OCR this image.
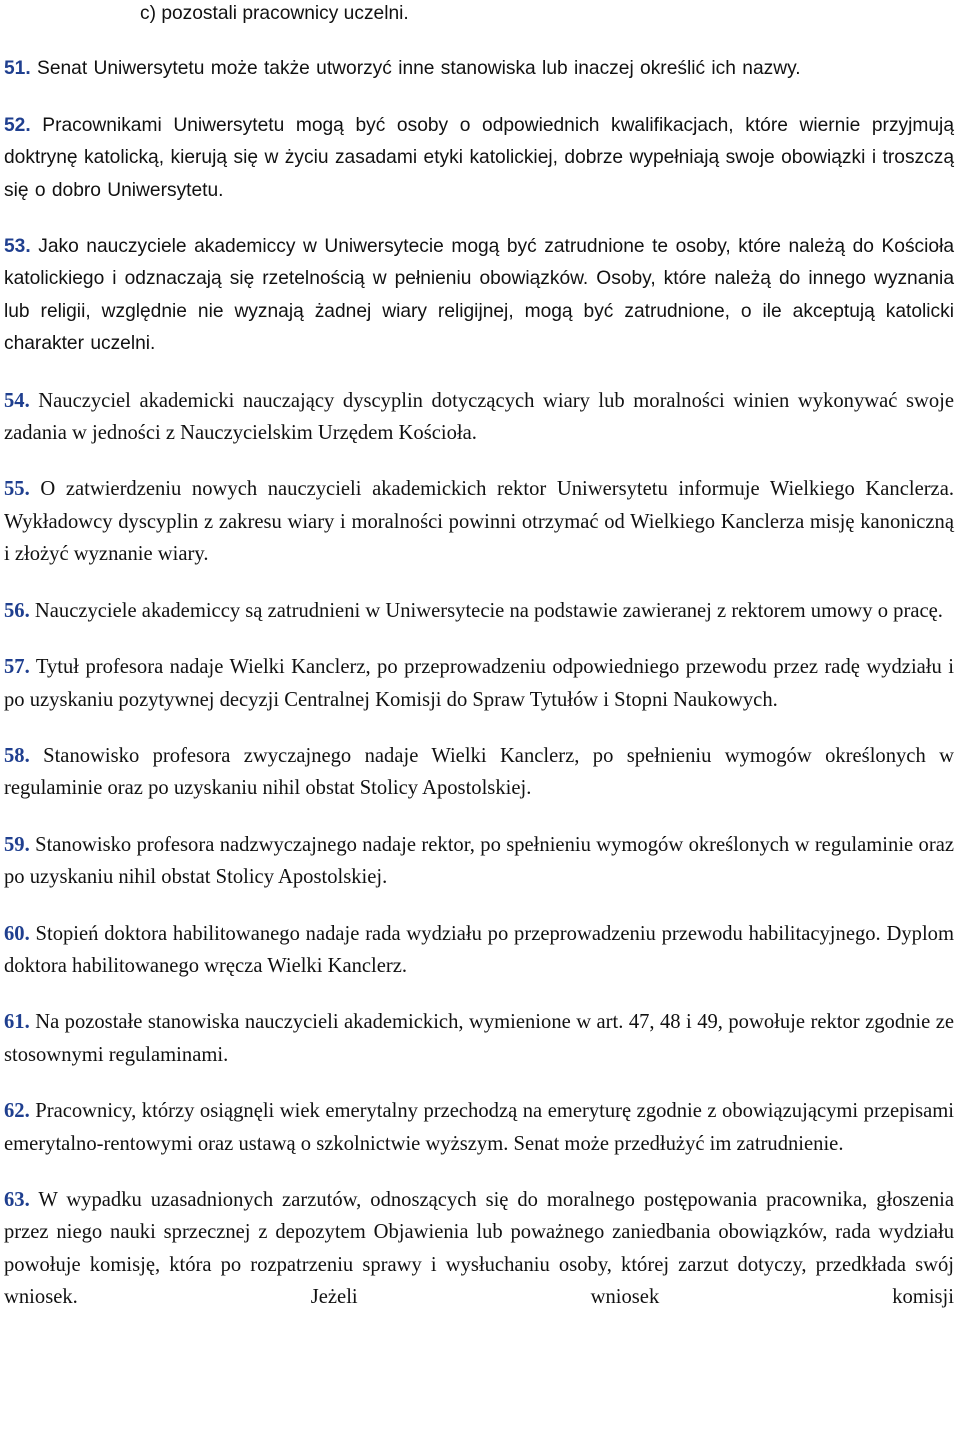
c) pozostali pracownicy uczelni.

51. Senat Uniwersytetu może także utworzyć inne stanowiska lub inaczej określić ich nazwy.

52. Pracownikami Uniwersytetu mogą być osoby o odpowiednich kwalifikacjach, które wiernie przyjmują doktrynę katolicką, kierują się w życiu zasadami etyki katolickiej, dobrze wypełniają swoje obowiązki i troszczą się o dobro Uniwersytetu.

53. Jako nauczyciele akademiccy w Uniwersytecie mogą być zatrudnione te osoby, które należą do Kościoła katolickiego i odznaczają się rzetelnością w pełnieniu obowiązków. Osoby, które należą do innego wyznania lub religii, względnie nie wyznają żadnej wiary religijnej, mogą być zatrudnione, o ile akceptują katolicki charakter uczelni.

54. Nauczyciel akademicki nauczający dyscyplin dotyczących wiary lub moralności winien wykonywać swoje zadania w jedności z Nauczycielskim Urzędem Kościoła.

55. O zatwierdzeniu nowych nauczycieli akademickich rektor Uniwersytetu informuje Wielkiego Kanclerza. Wykładowcy dyscyplin z zakresu wiary i moralności powinni otrzymać od Wielkiego Kanclerza misję kanoniczną i złożyć wyznanie wiary.

56. Nauczyciele akademiccy są zatrudnieni w Uniwersytecie na podstawie zawieranej z rektorem umowy o pracę.

57. Tytuł profesora nadaje Wielki Kanclerz, po przeprowadzeniu odpowiedniego przewodu przez radę wydziału i po uzyskaniu pozytywnej decyzji Centralnej Komisji do Spraw Tytułów i Stopni Naukowych.

58. Stanowisko profesora zwyczajnego nadaje Wielki Kanclerz, po spełnieniu wymogów określonych w regulaminie oraz po uzyskaniu nihil obstat Stolicy Apostolskiej.

59. Stanowisko profesora nadzwyczajnego nadaje rektor, po spełnieniu wymogów określonych w regulaminie oraz po uzyskaniu nihil obstat Stolicy Apostolskiej.

60. Stopień doktora habilitowanego nadaje rada wydziału po przeprowadzeniu przewodu habilitacyjnego. Dyplom doktora habilitowanego wręcza Wielki Kanclerz.

61. Na pozostałe stanowiska nauczycieli akademickich, wymienione w art. 47, 48 i 49, powołuje rektor zgodnie ze stosownymi regulaminami.

62. Pracownicy, którzy osiągnęli wiek emerytalny przechodzą na emeryturę zgodnie z obowiązującymi przepisami emerytalno-rentowymi oraz ustawą o szkolnictwie wyższym. Senat może przedłużyć im zatrudnienie.

63. W wypadku uzasadnionych zarzutów, odnoszących się do moralnego postępowania pracownika, głoszenia przez niego nauki sprzecznej z depozytem Objawienia lub poważnego zaniedbania obowiązków, rada wydziału powołuje komisję, która po rozpatrzeniu sprawy i wysłuchaniu osoby, której zarzut dotyczy, przedkłada swój wniosek. Jeżeli wniosek komisji
